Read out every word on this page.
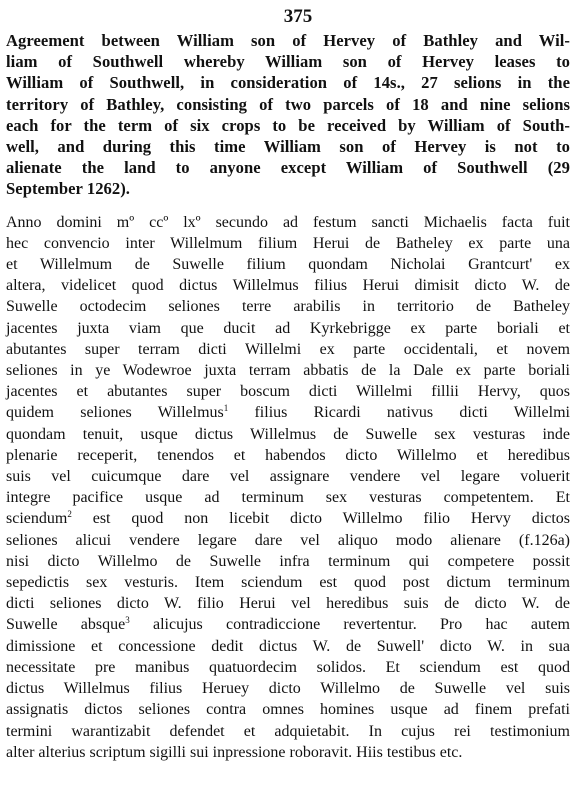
375
Agreement between William son of Hervey of Bathley and Wil-
liam of Southwell whereby William son of Hervey leases to
William of Southwell, in consideration of 14s., 27 selions in the
territory of Bathley, consisting of two parcels of 18 and nine selions
each for the term of six crops to be received by William of South-
well, and during this time William son of Hervey is not to
alienate the land to anyone except William of Southwell (29
September 1262).
Anno domini mº ccº lxº secundo ad festum sancti Michaelis facta fuit
hec convencio inter Willelmum filium Herui de Batheley ex parte una
et Willelmum de Suwelle filium quondam Nicholai Grantcurt' ex
altera, videlicet quod dictus Willelmus filius Herui dimisit dicto W. de
Suwelle octodecim seliones terre arabilis in territorio de Batheley
jacentes juxta viam que ducit ad Kyrkebrigge ex parte boriali et
abutantes super terram dicti Willelmi ex parte occidentali, et novem
seliones in ye Wodewroe juxta terram abbatis de la Dale ex parte boriali
jacentes et abutantes super boscum dicti Willelmi fillii Hervy, quos
quidem seliones Willelmus$^1$ filius Ricardi nativus dicti Willelmi
quondam tenuit, usque dictus Willelmus de Suwelle sex vesturas inde
plenarie receperit, tenendos et habendos dicto Willelmo et heredibus
suis vel cuicumque dare vel assignare vendere vel legare voluerit
integre pacifice usque ad terminum sex vesturas competentem. Et
sciendum$^2$ est quod non licebit dicto Willelmo filio Hervy dictos
seliones alicui vendere legare dare vel aliquo modo alienare (f.126a)
nisi dicto Willelmo de Suwelle infra terminum qui competere possit
sepedictis sex vesturis. Item sciendum est quod post dictum terminum
dicti seliones dicto W. filio Herui vel heredibus suis de dicto W. de
Suwelle absque$^3$ alicujus contradiccione revertentur. Pro hac autem
dimissione et concessione dedit dictus W. de Suwell' dicto W. in sua
necessitate pre manibus quatuordecim solidos. Et sciendum est quod
dictus Willelmus filius Heruey dicto Willelmo de Suwelle vel suis
assignatis dictos seliones contra omnes homines usque ad finem prefati
termini warantizabit defendet et adquietabit. In cujus rei testimonium
alter alterius scriptum sigilli sui inpressione roboravit. Hiis testibus etc.
